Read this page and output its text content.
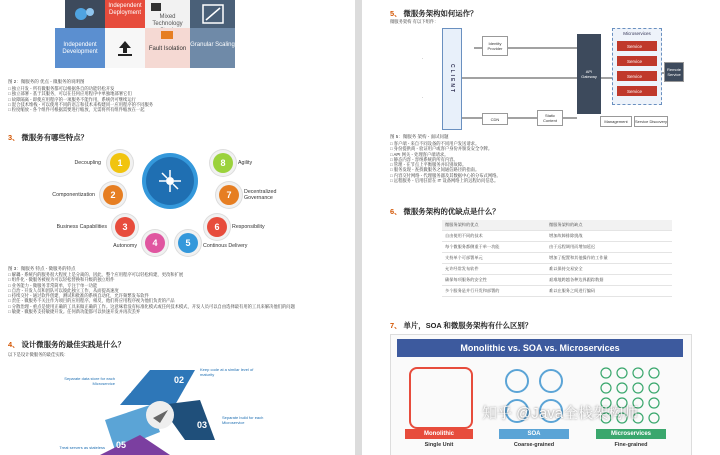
Independent Deployment
Mixed Technology
Independent Development	Fault Isolation
Granular Scaling
图 2：微服务的 优点 - 微服务的说明图
□ 独立开发 - 所有微服务都可以根据各自的功能轻松开发
□ 独立部署 - 基于其服务，可以在任何应用程序中单独地部署它们
□ 故障隔离 - 即使应用程序的一项服务不能作用，系统仍可继续运行
□ 混合技术堆栈 - 可以使用不同的语言和技术来构建同一应用程序的不同服务
□ 粒度缩放 - 各个组件可根据需要进行缩放，无需将所有组件缩放在一起
3、 微服务有哪些特点？
1
2
3
4	5
6
7
8
Decoupling
Componentization
Business Capabilities
Autonomy	Continous Delivery
Responsibility
Decentralized Governance
Agility
图 3：微服务 特点 - 微服务的特点
□ 解耦 - 系统内的服务很大程度上是分离的。因此，整个应用程序可以轻松构建，更改和扩展
□ 组件化 - 微服务被视为可以轻松替换和升级的独立组件
□ 业务能力 - 微服务非常简单，专注于单一功能
□ 自治 - 开发人员和团队可以彼此独立工作，从而提高速度
□ 持续交付 - 通过软件创建、测试和批准的系统自动化，允许频繁发布软件
□ 责任 - 微服务不关注作为项目的应用程序。相反，他们将应用程序视为他们负责的产品
□ 分散治理 - 重点是使用正确的工具来做正确的工作。这意味着没有标准化模式或任何技术模式，开发人员可以自由选择最有用的工具来解决他们的问题
□ 敏捷 - 微服务支持敏捷开发。任何新功能都可以快速开发并再次丢弃
4、 设计微服务的最佳实践是什么？
以下是设计微服务的最佳实践：
01
02
03
05
Separate data store for each Microservice
Keep code at a similar level of maturity
Separate build for each Microservice
Treat servers as stateless
5、 微服务架构如何运作？
微服务架构 有以下组件：
CLIENT
Identity Provider
API Gateway
CDN
Static Content
Microservices
Service
Service
Service
Service
Remote Service
Management	Service Discovery
图 5：微服务 架构 - 面试问题
□ 客户端 - 来自不同设备的不同用户发送请求。
□ 身份提供商 - 验证用户或客户身份并颁发安全令牌。
□ API 网关 - 处理客户端请求。
□ 静态内容 - 容纳系统的所有内容。
□ 管理 - 在节点上平衡服务并识别故障。
□ 服务发现 - 查找微服务之间通信路径的指南。
□ 内容交付网络 - 代理服务器及其数据中心的分布式网络。
□ 远程服务 - 启用驻留在 IT 设备网络上的远程访问信息。
6、 微服务架构的优缺点是什么？
微服务架构的优点	微服务架构的缺点
自由使用不同的技术	增加故障排除挑战
每个微服务都侧重于单一功能	由于远程调用而增加延迟
支持单个可部署单元	增加了配置和其他操作的工作量
允许经常发布软件	难以保持交易安全
确保每项服务的安全性	艰难地跨越各种边界跟踪数据
多个服务是并行开发和部署的	难以在服务之间进行编码
7、 单片，SOA 和微服务架构有什么区别？
Monolithic vs. SOA vs. Microservices
Monolithic
Single Unit
SOA
Coarse-grained
Microservices
Fine-grained
知乎 @Java全栈架构师
